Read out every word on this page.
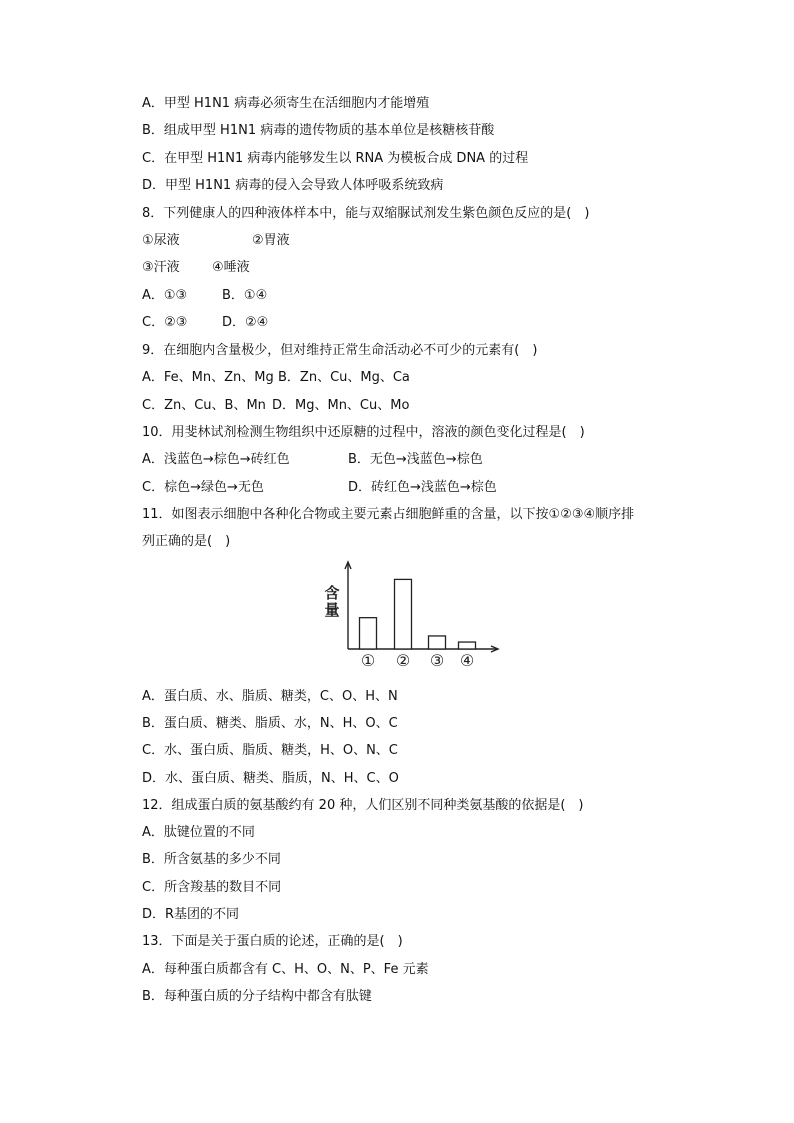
A．甲型 H1N1 病毒必须寄生在活细胞内才能增殖
B．组成甲型 H1N1 病毒的遗传物质的基本单位是核糖核苷酸
C．在甲型 H1N1 病毒内能够发生以 RNA 为模板合成 DNA 的过程
D．甲型 H1N1 病毒的侵入会导致人体呼吸系统致病
8．下列健康人的四种液体样本中，能与双缩脲试剂发生紫色颜色反应的是(　)
①尿液	②胃液
③汗液 ④唾液
A．①③	B．①④
C．②③	D．②④
9．在细胞内含量极少，但对维持正常生命活动必不可少的元素有(　)
A．Fe、Mn、Zn、Mg B．Zn、Cu、Mg、Ca
C．Zn、Cu、B、Mn D．Mg、Mn、Cu、Mo
10．用斐林试剂检测生物组织中还原糖的过程中，溶液的颜色变化过程是(　)
A．浅蓝色→棕色→砖红色	B．无色→浅蓝色→棕色
C．棕色→绿色→无色	D．砖红色→浅蓝色→棕色
11．如图表示细胞中各种化合物或主要元素占细胞鲜重的含量，以下按①②③④顺序排
列正确的是(　)
含
量
① ② ③ ④
A．蛋白质、水、脂质、糖类，C、O、H、N
B．蛋白质、糖类、脂质、水，N、H、O、C
C．水、蛋白质、脂质、糖类，H、O、N、C
D．水、蛋白质、糖类、脂质，N、H、C、O
12．组成蛋白质的氨基酸约有 20 种，人们区别不同种类氨基酸的依据是(　)
A．肽键位置的不同
B．所含氨基的多少不同
C．所含羧基的数目不同
D．R基团的不同
13．下面是关于蛋白质的论述，正确的是(　)
A．每种蛋白质都含有 C、H、O、N、P、Fe 元素
B．每种蛋白质的分子结构中都含有肽键
